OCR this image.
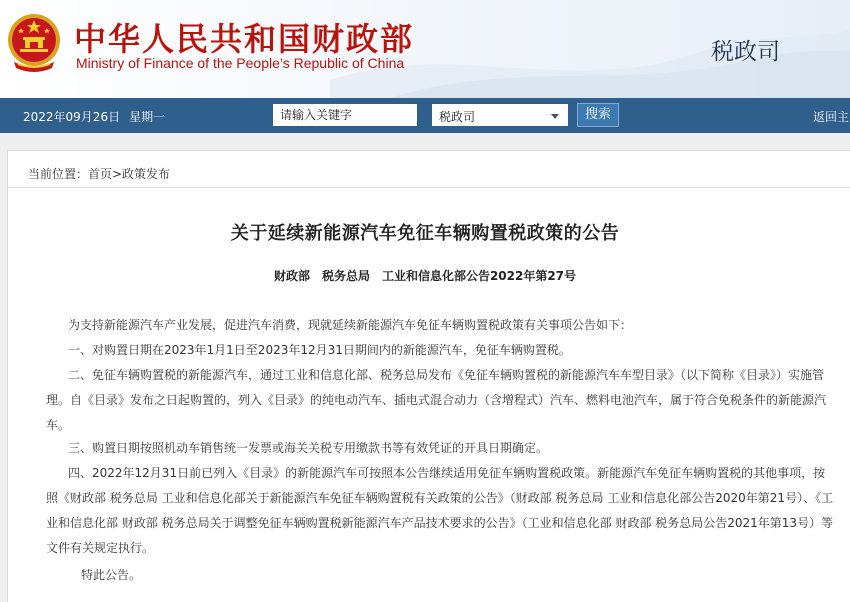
中华人民共和国财政部
Ministry of Finance of the People’s Republic of China	税政司
2022年09月26日 星期一
请输入关键字	税政司	搜索	返回主
当前位置：首页>政策发布
关于延续新能源汽车免征车辆购置税政策的公告
财政部　税务总局　工业和信息化部公告2022年第27号

为支持新能源汽车产业发展，促进汽车消费，现就延续新能源汽车免征车辆购置税政策有关事项公告如下：

一、对购置日期在2023年1月1日至2023年12月31日期间内的新能源汽车，免征车辆购置税。

二、免征车辆购置税的新能源汽车，通过工业和信息化部、税务总局发布《免征车辆购置税的新能源汽车车型目录》（以下简称《目录》）实施管理。自《目录》发布之日起购置的，列入《目录》的纯电动汽车、插电式混合动力（含增程式）汽车、燃料电池汽车，属于符合免税条件的新能源汽车。

三、购置日期按照机动车销售统一发票或海关关税专用缴款书等有效凭证的开具日期确定。

四、2022年12月31日前已列入《目录》的新能源汽车可按照本公告继续适用免征车辆购置税政策。新能源汽车免征车辆购置税的其他事项，按照《财政部 税务总局 工业和信息化部关于新能源汽车免征车辆购置税有关政策的公告》（财政部 税务总局 工业和信息化部公告2020年第21号）、《工业和信息化部 财政部 税务总局关于调整免征车辆购置税新能源汽车产品技术要求的公告》（工业和信息化部 财政部 税务总局公告2021年第13号）等文件有关规定执行。

特此公告。
